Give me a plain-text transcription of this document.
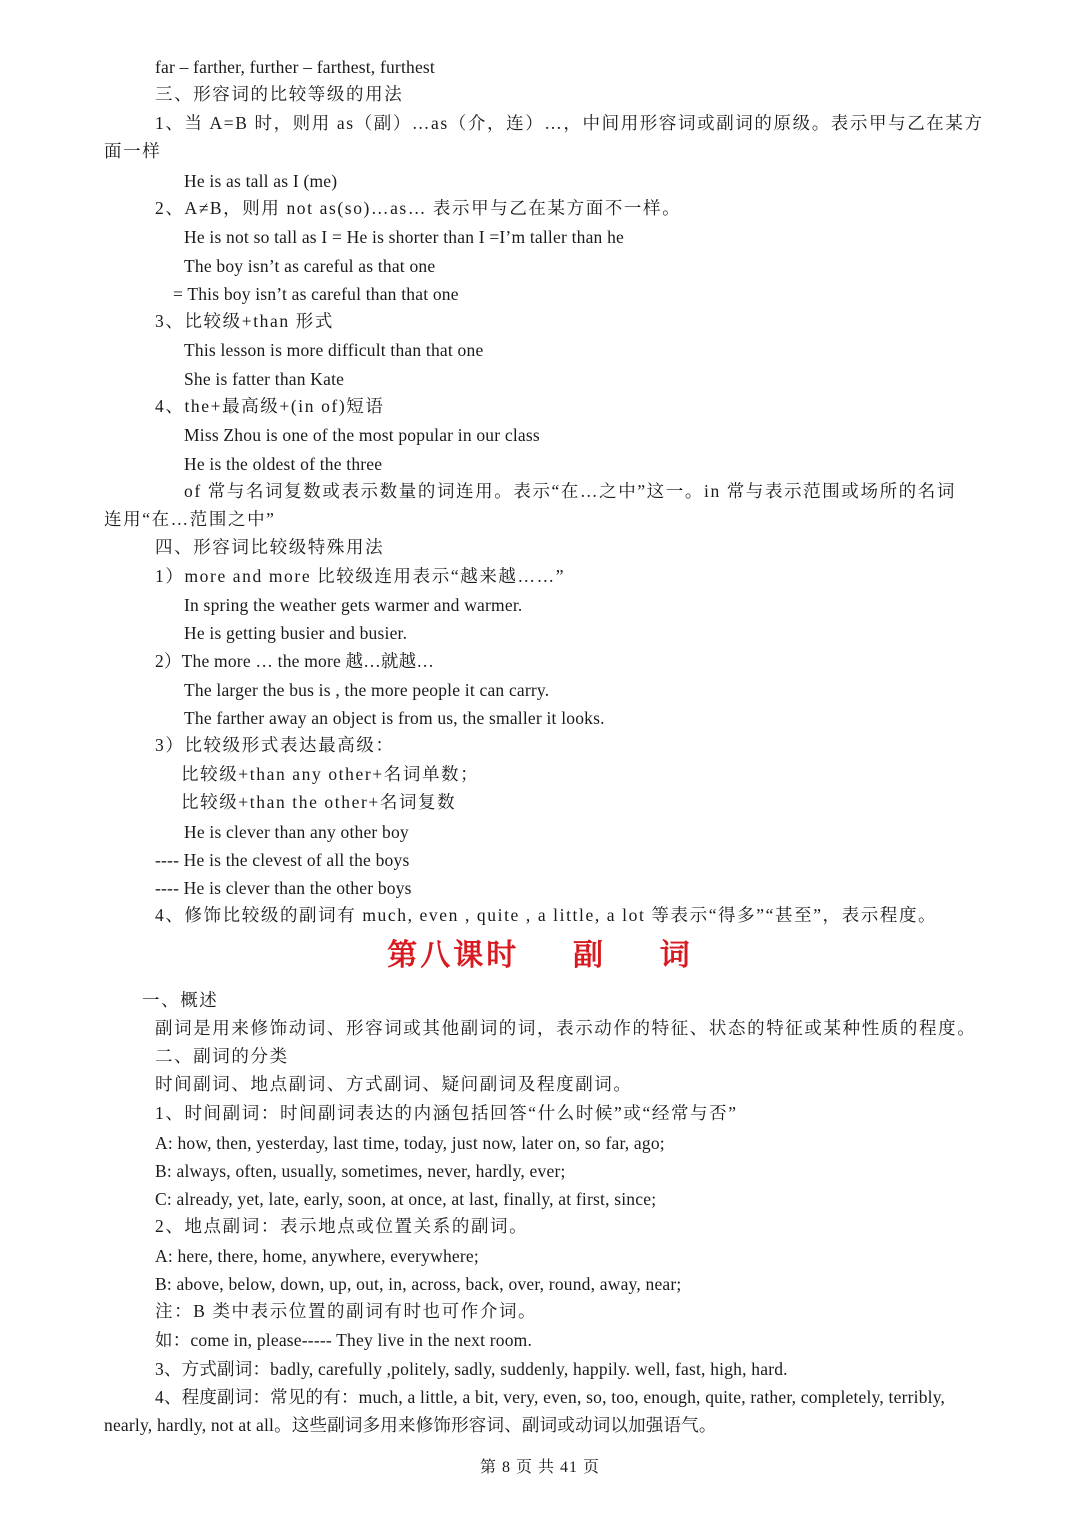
far – farther, further – farthest, furthest
三、形容词的比较等级的用法
1、当 A=B 时，则用 as（副）…as（介，连）…，中间用形容词或副词的原级。表示甲与乙在某方
面一样
He is as tall as I (me)
2、A≠B，则用 not as(so)…as… 表示甲与乙在某方面不一样。
He is not so tall as I = He is shorter than I =I’m taller than he
The boy isn’t as careful as that one
= This boy isn’t as careful than that one
3、比较级+than 形式
This lesson is more difficult than that one
She is fatter than Kate
4、the+最高级+(in of)短语
Miss Zhou is one of the most popular in our class
He is the oldest of the three
of 常与名词复数或表示数量的词连用。表示“在…之中”这一。in 常与表示范围或场所的名词
连用“在…范围之中”
四、形容词比较级特殊用法
1）more and more 比较级连用表示“越来越……”
In spring the weather gets warmer and warmer.
He is getting busier and busier.
2）The more … the more 越…就越…
The larger the bus is , the more people it can carry.
The farther away an object is from us, the smaller it looks.
3）比较级形式表达最高级：
比较级+than any other+名词单数；
比较级+than the other+名词复数
He is clever than any other boy
---- He is the clevest of all the boys
---- He is clever than the other boys
4、修饰比较级的副词有 much, even , quite , a little, a lot 等表示“得多”“甚至”，表示程度。
第八课时    副    词
一、概述
副词是用来修饰动词、形容词或其他副词的词，表示动作的特征、状态的特征或某种性质的程度。
二、副词的分类
时间副词、地点副词、方式副词、疑问副词及程度副词。
1、时间副词：时间副词表达的内涵包括回答“什么时候”或“经常与否”
A: how, then, yesterday, last time, today, just now, later on, so far, ago;
B: always, often, usually, sometimes, never, hardly, ever;
C: already, yet, late, early, soon, at once, at last, finally, at first, since;
2、地点副词：表示地点或位置关系的副词。
A: here, there, home, anywhere, everywhere;
B: above, below, down, up, out, in, across, back, over, round, away, near;
注：B 类中表示位置的副词有时也可作介词。
如：come in, please----- They live in the next room.
3、方式副词：badly, carefully ,politely, sadly, suddenly, happily. well, fast, high, hard.
4、程度副词：常见的有：much, a little, a bit, very, even, so, too, enough, quite, rather, completely, terribly,
nearly, hardly, not at all。这些副词多用来修饰形容词、副词或动词以加强语气。
第 8 页 共 41 页
